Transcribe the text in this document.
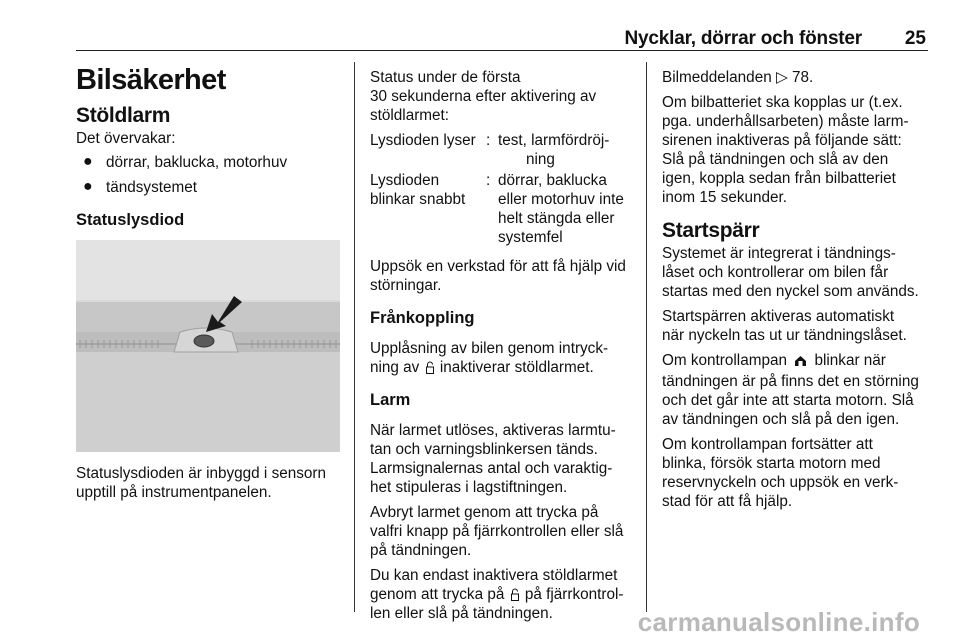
Nycklar, dörrar och fönster 25
Bilsäkerhet
Stöldlarm

Det övervakar:

● dörrar, baklucka, motorhuv
● tändsystemet
Statuslysdiod

Statuslysdioden är inbyggd i sensorn

upptill på instrumentpanelen.

Status under de första

30 sekunderna efter aktivering av

stöldlarmet:

Lysdioden lyser : test, larmfördröj-
ning
Lysdioden
blinkar snabbt
: dörrar, baklucka
eller motorhuv inte
helt stängda eller
systemfel

Uppsök en verkstad för att få hjälp vid

störningar.

Frånkoppling

Upplåsning av bilen genom intryck-

ning av inaktiverar stöldlarmet.

Larm

När larmet utlöses, aktiveras larmtu-

tan och varningsblinkersen tänds.

Larmsignalernas antal och varaktig-

het stipuleras i lagstiftningen.

Avbryt larmet genom att trycka på

valfri knapp på fjärrkontrollen eller slå

på tändningen.

Du kan endast inaktivera stöldlarmet

genom att trycka på på fjärrkontrol-

len eller slå på tändningen.

Bilmeddelanden ▷ 78.

Om bilbatteriet ska kopplas ur (t.ex.

pga. underhållsarbeten) måste larm-

sirenen inaktiveras på följande sätt:

Slå på tändningen och slå av den

igen, koppla sedan från bilbatteriet

inom 15 sekunder.

Startspärr

Systemet är integrerat i tändnings-

låset och kontrollerar om bilen får

startas med den nyckel som används.

Startspärren aktiveras automatiskt

när nyckeln tas ut ur tändningslåset.

Om kontrollampan blinkar när

tändningen är på finns det en störning

och det går inte att starta motorn. Slå

av tändningen och slå på den igen.

Om kontrollampan fortsätter att

blinka, försök starta motorn med

reservnyckeln och uppsök en verk-

stad för att få hjälp.

carmanualsonline.info
